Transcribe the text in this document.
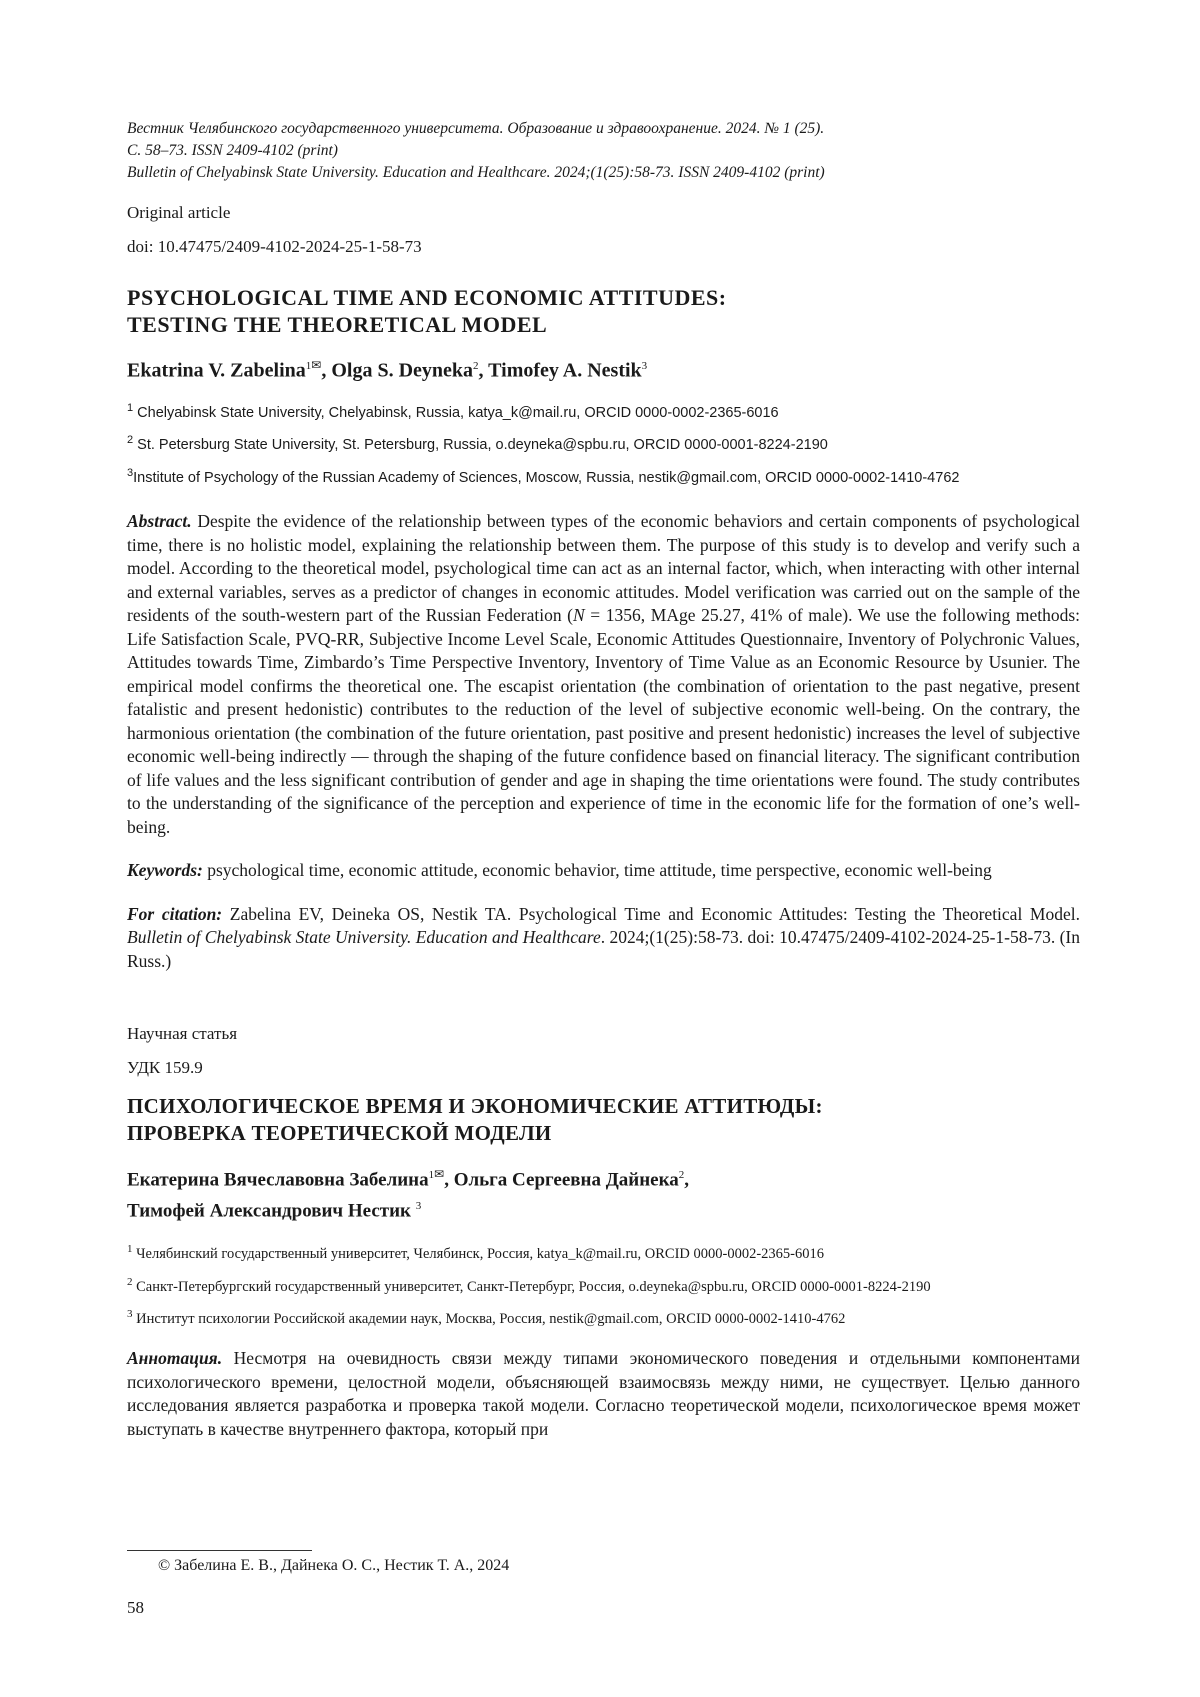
Вестник Челябинского государственного университета. Образование и здравоохранение. 2024. № 1 (25).

С. 58–73. ISSN 2409-4102 (print)

Bulletin of Chelyabinsk State University. Education and Healthcare. 2024;(1(25):58-73. ISSN 2409-4102 (print)

Original article

doi: 10.47475/2409-4102-2024-25-1-58-73

PSYCHOLOGICAL TIME AND ECONOMIC ATTITUDES:
TESTING THE THEORETICAL MODEL

Ekatrina V. Zabelina$^{1✉}$, Olga S. Deyneka$^2$, Timofey A. Nestik$^3$

$^1$ Chelyabinsk State University, Chelyabinsk, Russia, katya_k@mail.ru, ORCID 0000-0002-2365-6016

$^2$ St. Petersburg State University, St. Petersburg, Russia, o.deyneka@spbu.ru, ORCID 0000-0001-8224-2190

$^3$Institute of Psychology of the Russian Academy of Sciences, Moscow, Russia, nestik@gmail.com, ORCID 0000-0002-1410-4762

Abstract. Despite the evidence of the relationship between types of the economic behaviors and certain components of psychological time, there is no holistic model, explaining the relationship between them. The purpose of this study is to develop and verify such a model. According to the theoretical model, psychological time can act as an internal factor, which, when interacting with other internal and external variables, serves as a predictor of changes in economic attitudes. Model verification was carried out on the sample of the residents of the south-western part of the Russian Federation (N = 1356, MAge 25.27, 41% of male). We use the following methods: Life Satisfaction Scale, PVQ-RR, Subjective Income Level Scale, Economic Attitudes Questionnaire, Inventory of Polychronic Values, Attitudes towards Time, Zimbardo’s Time Perspective Inventory, Inventory of Time Value as an Economic Resource by Usunier. The empirical model confirms the theoretical one. The escapist orientation (the combination of orientation to the past negative, present fatalistic and present hedonistic) contributes to the reduction of the level of subjective economic well-being. On the contrary, the harmonious orientation (the combination of the future orientation, past positive and present hedonistic) increases the level of subjective economic well-being indirectly — through the shaping of the future confidence based on financial literacy. The significant contribution of life values and the less significant contribution of gender and age in shaping the time orientations were found. The study contributes to the understanding of the significance of the perception and experience of time in the economic life for the formation of one’s well-being.

Keywords: psychological time, economic attitude, economic behavior, time attitude, time perspective, economic well-being

For citation: Zabelina EV, Deineka OS, Nestik TA. Psychological Time and Economic Attitudes: Testing the Theoretical Model. Bulletin of Chelyabinsk State University. Education and Healthcare. 2024;(1(25):58-73. doi: 10.47475/2409-4102-2024-25-1-58-73. (In Russ.)

Научная статья

УДК 159.9

ПСИХОЛОГИЧЕСКОЕ ВРЕМЯ И ЭКОНОМИЧЕСКИЕ АТТИТЮДЫ:
ПРОВЕРКА ТЕОРЕТИЧЕСКОЙ МОДЕЛИ

Екатерина Вячеславовна Забелина$^{1✉}$, Ольга Сергеевна Дайнека$^2$,
Тимофей Александрович Нестик $^3$

$^1$ Челябинский государственный университет, Челябинск, Россия, katya_k@mail.ru, ORCID 0000-0002-2365-6016

$^2$ Санкт-Петербургский государственный университет, Санкт-Петербург, Россия, o.deyneka@spbu.ru, ORCID 0000-0001-8224-2190

$^3$ Институт психологии Российской академии наук, Москва, Россия, nestik@gmail.com, ORCID 0000-0002-1410-4762

Аннотация. Несмотря на очевидность связи между типами экономического поведения и отдельными компонентами психологического времени, целостной модели, объясняющей взаимосвязь между ними, не существует. Целью данного исследования является разработка и проверка такой модели. Согласно теоретической модели, психологическое время может выступать в качестве внутреннего фактора, который при

© Забелина Е. В., Дайнека О. С., Нестик Т. А., 2024

58
